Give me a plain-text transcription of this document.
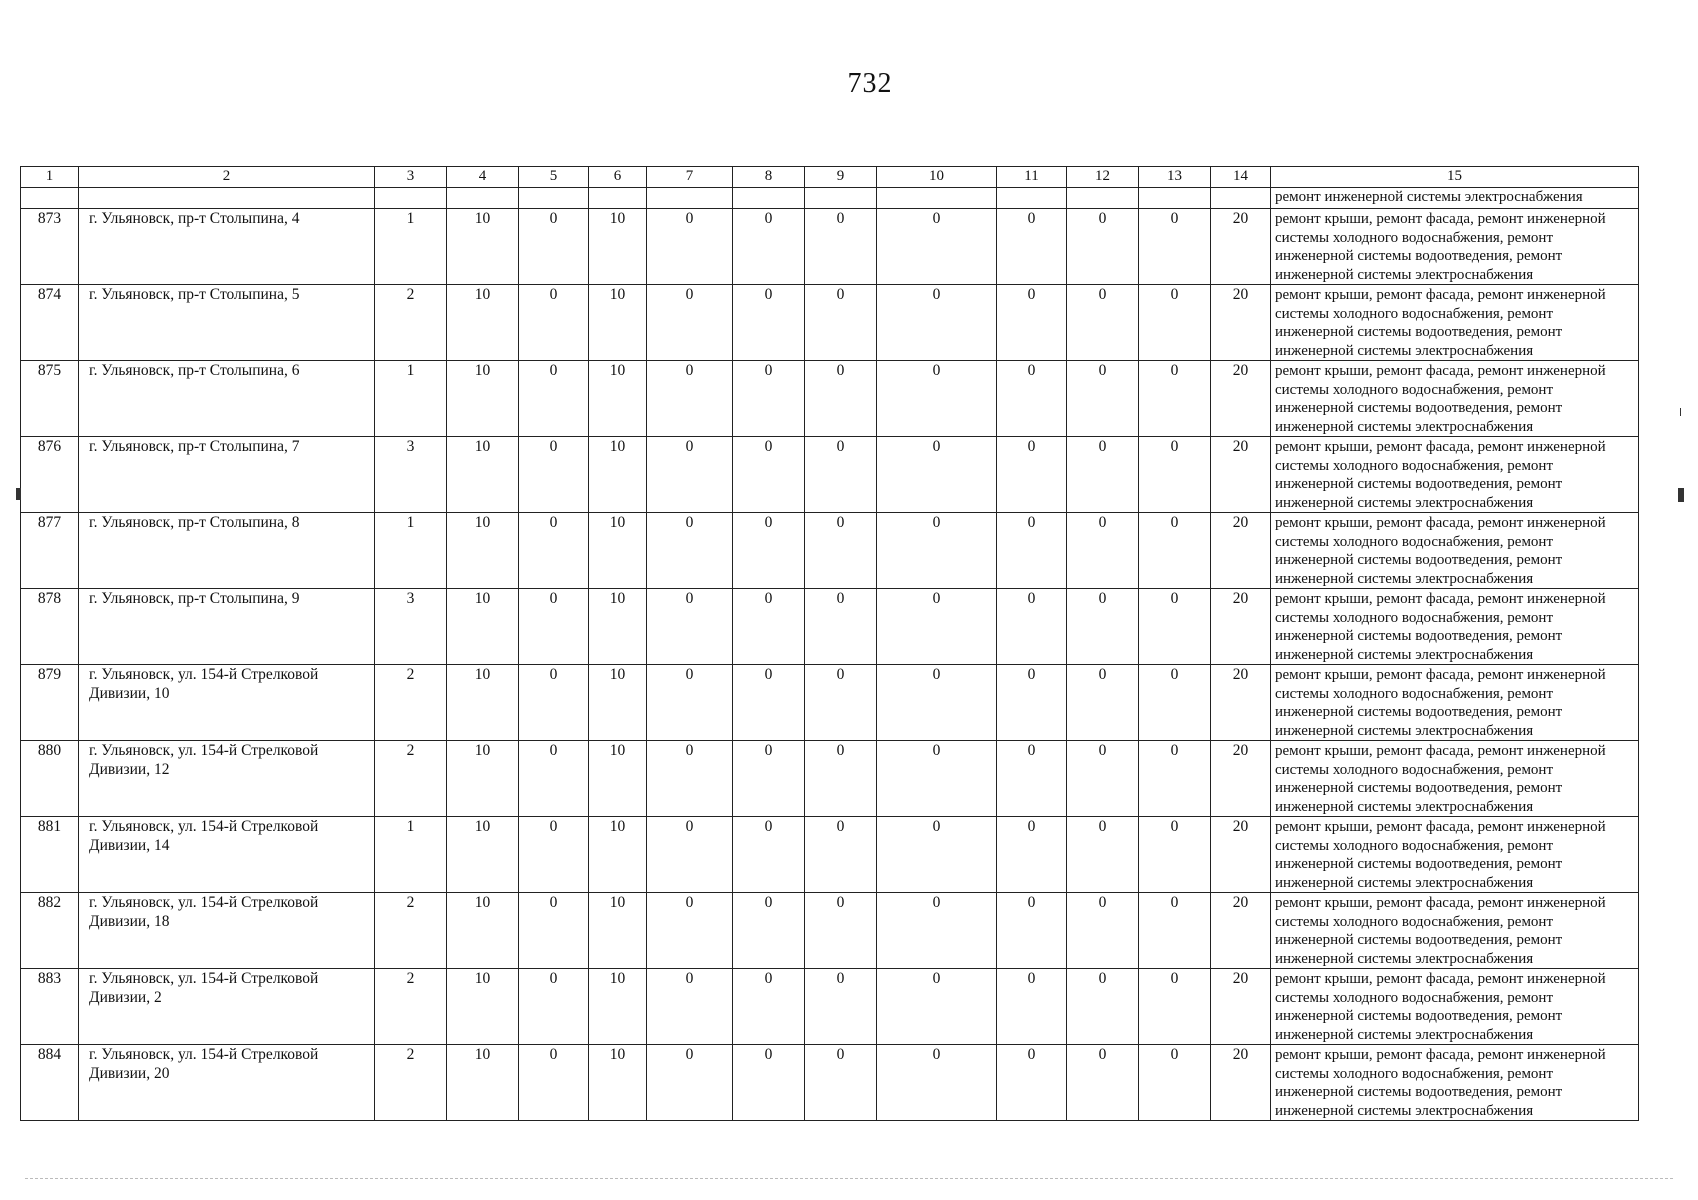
732
1	2	3	4	5	6	7	8	9	10	11	12	13	14	15
														ремонт инженерной системы электроснабжения
873	г. Ульяновск, пр-т Столыпина, 4	1	10	0	10	0	0	0	0	0	0	0	20	ремонт крыши, ремонт фасада, ремонт инженерной системы холодного водоснабжения, ремонт инженерной системы водоотведения, ремонт инженерной системы электроснабжения
874	г. Ульяновск, пр-т Столыпина, 5	2	10	0	10	0	0	0	0	0	0	0	20	ремонт крыши, ремонт фасада, ремонт инженерной системы холодного водоснабжения, ремонт инженерной системы водоотведения, ремонт инженерной системы электроснабжения
875	г. Ульяновск, пр-т Столыпина, 6	1	10	0	10	0	0	0	0	0	0	0	20	ремонт крыши, ремонт фасада, ремонт инженерной системы холодного водоснабжения, ремонт инженерной системы водоотведения, ремонт инженерной системы электроснабжения
876	г. Ульяновск, пр-т Столыпина, 7	3	10	0	10	0	0	0	0	0	0	0	20	ремонт крыши, ремонт фасада, ремонт инженерной системы холодного водоснабжения, ремонт инженерной системы водоотведения, ремонт инженерной системы электроснабжения
877	г. Ульяновск, пр-т Столыпина, 8	1	10	0	10	0	0	0	0	0	0	0	20	ремонт крыши, ремонт фасада, ремонт инженерной системы холодного водоснабжения, ремонт инженерной системы водоотведения, ремонт инженерной системы электроснабжения
878	г. Ульяновск, пр-т Столыпина, 9	3	10	0	10	0	0	0	0	0	0	0	20	ремонт крыши, ремонт фасада, ремонт инженерной системы холодного водоснабжения, ремонт инженерной системы водоотведения, ремонт инженерной системы электроснабжения
879	г. Ульяновск, ул. 154-й Стрелковой Дивизии, 10	2	10	0	10	0	0	0	0	0	0	0	20	ремонт крыши, ремонт фасада, ремонт инженерной системы холодного водоснабжения, ремонт инженерной системы водоотведения, ремонт инженерной системы электроснабжения
880	г. Ульяновск, ул. 154-й Стрелковой Дивизии, 12	2	10	0	10	0	0	0	0	0	0	0	20	ремонт крыши, ремонт фасада, ремонт инженерной системы холодного водоснабжения, ремонт инженерной системы водоотведения, ремонт инженерной системы электроснабжения
881	г. Ульяновск, ул. 154-й Стрелковой Дивизии, 14	1	10	0	10	0	0	0	0	0	0	0	20	ремонт крыши, ремонт фасада, ремонт инженерной системы холодного водоснабжения, ремонт инженерной системы водоотведения, ремонт инженерной системы электроснабжения
882	г. Ульяновск, ул. 154-й Стрелковой Дивизии, 18	2	10	0	10	0	0	0	0	0	0	0	20	ремонт крыши, ремонт фасада, ремонт инженерной системы холодного водоснабжения, ремонт инженерной системы водоотведения, ремонт инженерной системы электроснабжения
883	г. Ульяновск, ул. 154-й Стрелковой Дивизии, 2	2	10	0	10	0	0	0	0	0	0	0	20	ремонт крыши, ремонт фасада, ремонт инженерной системы холодного водоснабжения, ремонт инженерной системы водоотведения, ремонт инженерной системы электроснабжения
884	г. Ульяновск, ул. 154-й Стрелковой Дивизии, 20	2	10	0	10	0	0	0	0	0	0	0	20	ремонт крыши, ремонт фасада, ремонт инженерной системы холодного водоснабжения, ремонт инженерной системы водоотведения, ремонт инженерной системы электроснабжения
